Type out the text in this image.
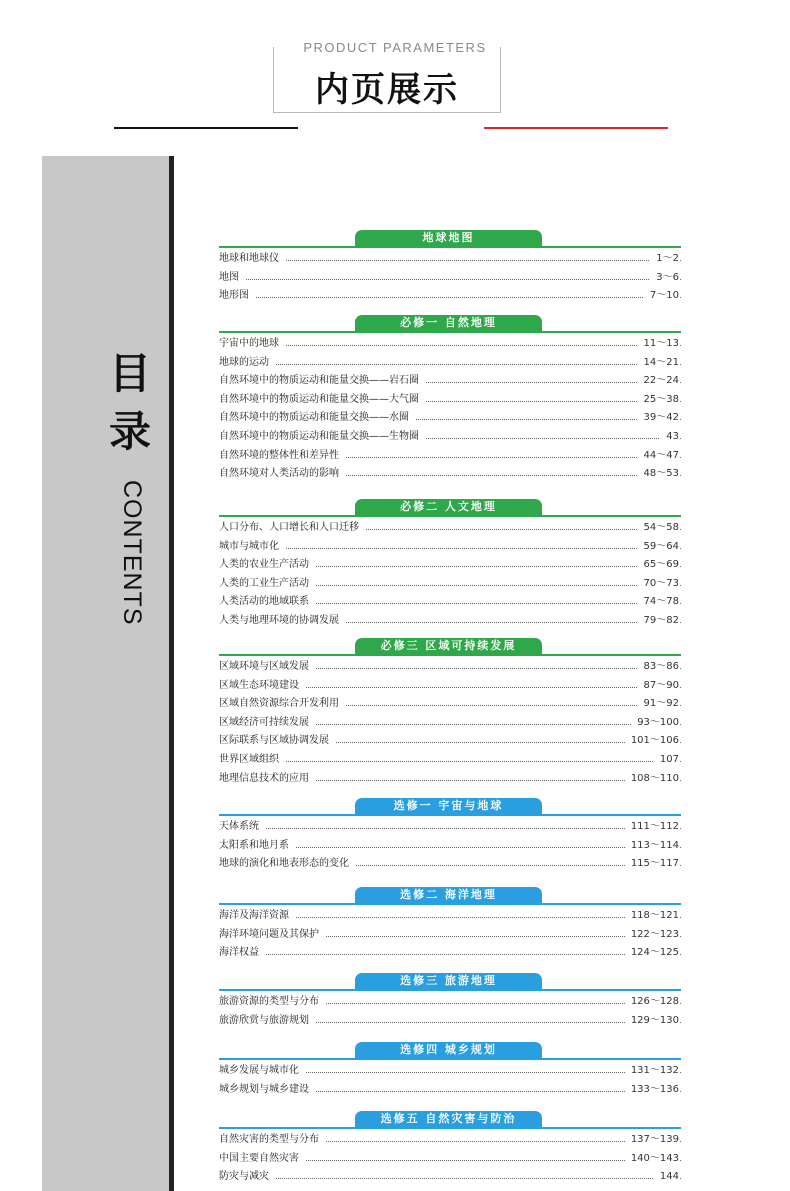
PRODUCT PARAMETERS
内页展示
目录
CONTENTS
地球地图
地球和地球仪	1～2
地图	3～6
地形图	7～10
必修一 自然地理
宇宙中的地球	11～13
地球的运动	14～21
自然环境中的物质运动和能量交换——岩石圈	22～24
自然环境中的物质运动和能量交换——大气圈	25～38
自然环境中的物质运动和能量交换——水圈	39～42
自然环境中的物质运动和能量交换——生物圈	43
自然环境的整体性和差异性	44～47
自然环境对人类活动的影响	48～53
必修二 人文地理
人口分布、人口增长和人口迁移	54～58
城市与城市化	59～64
人类的农业生产活动	65～69
人类的工业生产活动	70～73
人类活动的地域联系	74～78
人类与地理环境的协调发展	79～82
必修三 区域可持续发展
区域环境与区域发展	83～86
区域生态环境建设	87～90
区域自然资源综合开发利用	91～92
区域经济可持续发展	93～100
区际联系与区域协调发展	101～106
世界区域组织	107
地理信息技术的应用	108～110
选修一 宇宙与地球
天体系统	111～112
太阳系和地月系	113～114
地球的演化和地表形态的变化	115～117
选修二 海洋地理
海洋及海洋资源	118～121
海洋环境问题及其保护	122～123
海洋权益	124～125
选修三 旅游地理
旅游资源的类型与分布	126～128
旅游欣赏与旅游规划	129～130
选修四 城乡规划
城乡发展与城市化	131～132
城乡规划与城乡建设	133～136
选修五 自然灾害与防治
自然灾害的类型与分布	137～139
中国主要自然灾害	140～143
防灾与减灾	144
